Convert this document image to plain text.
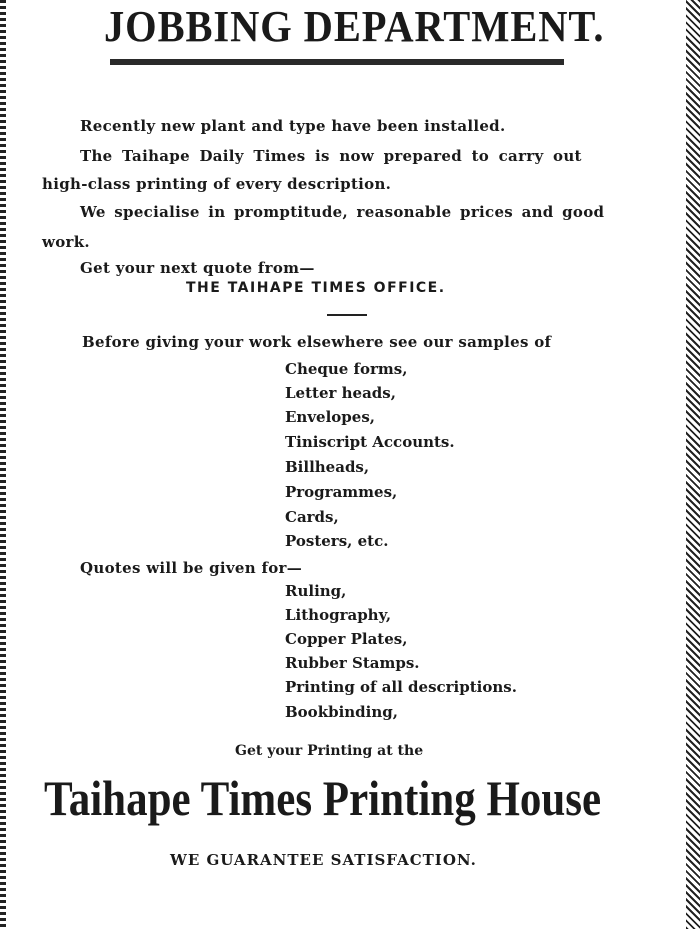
JOBBING DEPARTMENT.
Recently new plant and type have been installed.
The Taihape Daily Times is now prepared to carry out
high-class printing of every description.
We specialise in promptitude, reasonable prices and good
work.
Get your next quote from—
THE TAIHAPE TIMES OFFICE.
Before giving your work elsewhere see our samples of
Cheque forms,
Letter heads,
Envelopes,
Tiniscript Accounts.
Billheads,
Programmes,
Cards,
Posters, etc.
Quotes will be given for—
Ruling,
Lithography,
Copper Plates,
Rubber Stamps.
Printing of all descriptions.
Bookbinding,
Get your Printing at the
Taihape Times Printing House
WE GUARANTEE SATISFACTION.
